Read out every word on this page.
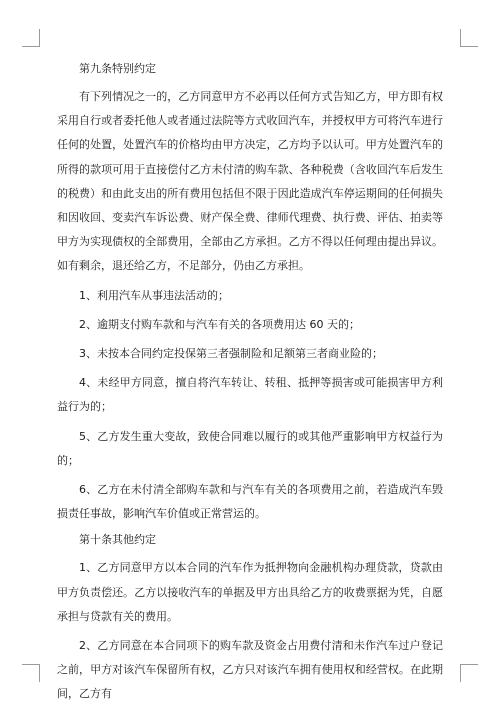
第九条特别约定

有下列情况之一的，乙方同意甲方不必再以任何方式告知乙方，甲方即有权采用自行或者委托他人或者通过法院等方式收回汽车，并授权甲方可将汽车进行任何的处置，处置汽车的价格均由甲方决定，乙方均予以认可。甲方处置汽车的所得的款项可用于直接偿付乙方未付清的购车款、各种税费（含收回汽车后发生的税费）和由此支出的所有费用包括但不限于因此造成汽车停运期间的任何损失和因收回、变卖汽车诉讼费、财产保全费、律师代理费、执行费、评估、拍卖等甲方为实现债权的全部费用，全部由乙方承担。乙方不得以任何理由提出异议。如有剩余，退还给乙方，不足部分，仍由乙方承担。

1、利用汽车从事违法活动的；

2、逾期支付购车款和与汽车有关的各项费用达 60 天的；

3、未按本合同约定投保第三者强制险和足额第三者商业险的；

4、未经甲方同意，擅自将汽车转让、转租、抵押等损害或可能损害甲方利益行为的；

5、乙方发生重大变故，致使合同难以履行的或其他严重影响甲方权益行为的；

6、乙方在未付清全部购车款和与汽车有关的各项费用之前，若造成汽车毁损责任事故，影响汽车价值或正常营运的。

第十条其他约定

1、乙方同意甲方以本合同的汽车作为抵押物向金融机构办理贷款，贷款由甲方负责偿还。乙方以接收汽车的单据及甲方出具给乙方的收费票据为凭，自愿承担与贷款有关的费用。

2、乙方同意在本合同项下的购车款及资金占用费付清和未作汽车过户登记之前，甲方对该汽车保留所有权，乙方只对该汽车拥有使用权和经营权。在此期间，乙方有
